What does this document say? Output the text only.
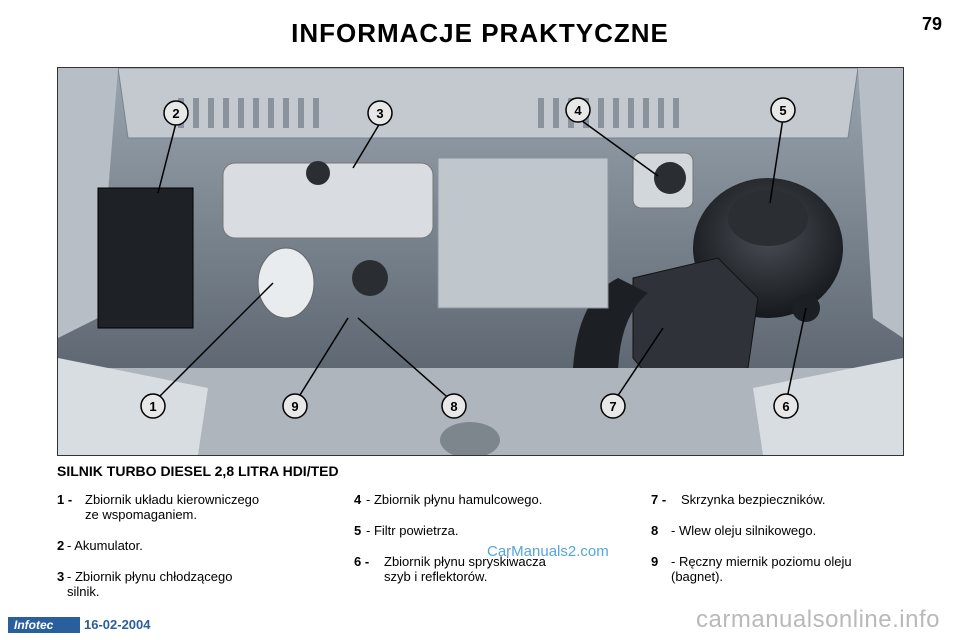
INFORMACJE PRAKTYCZNE	79
1
2	3	4	5
6
7
8
9
SILNIK TURBO DIESEL 2,8 LITRA HDI/TED
1 - Zbiornik układu kierowniczego
ze wspomaganiem.
2 - Akumulator.
3 - Zbiornik płynu chłodzącego
silnik.
4 - Zbiornik płynu hamulcowego.
5 - Filtr powietrza.
6 -	Zbiornik płynu spryskiwacza
szyb i reflektorów.
7 -	Skrzynka bezpieczników.
8 - Wlew oleju silnikowego.
9 - Ręczny miernik poziomu oleju
(bagnet).
CarManuals2.com
Infotec	16-02-2004	carmanualsonline.info
